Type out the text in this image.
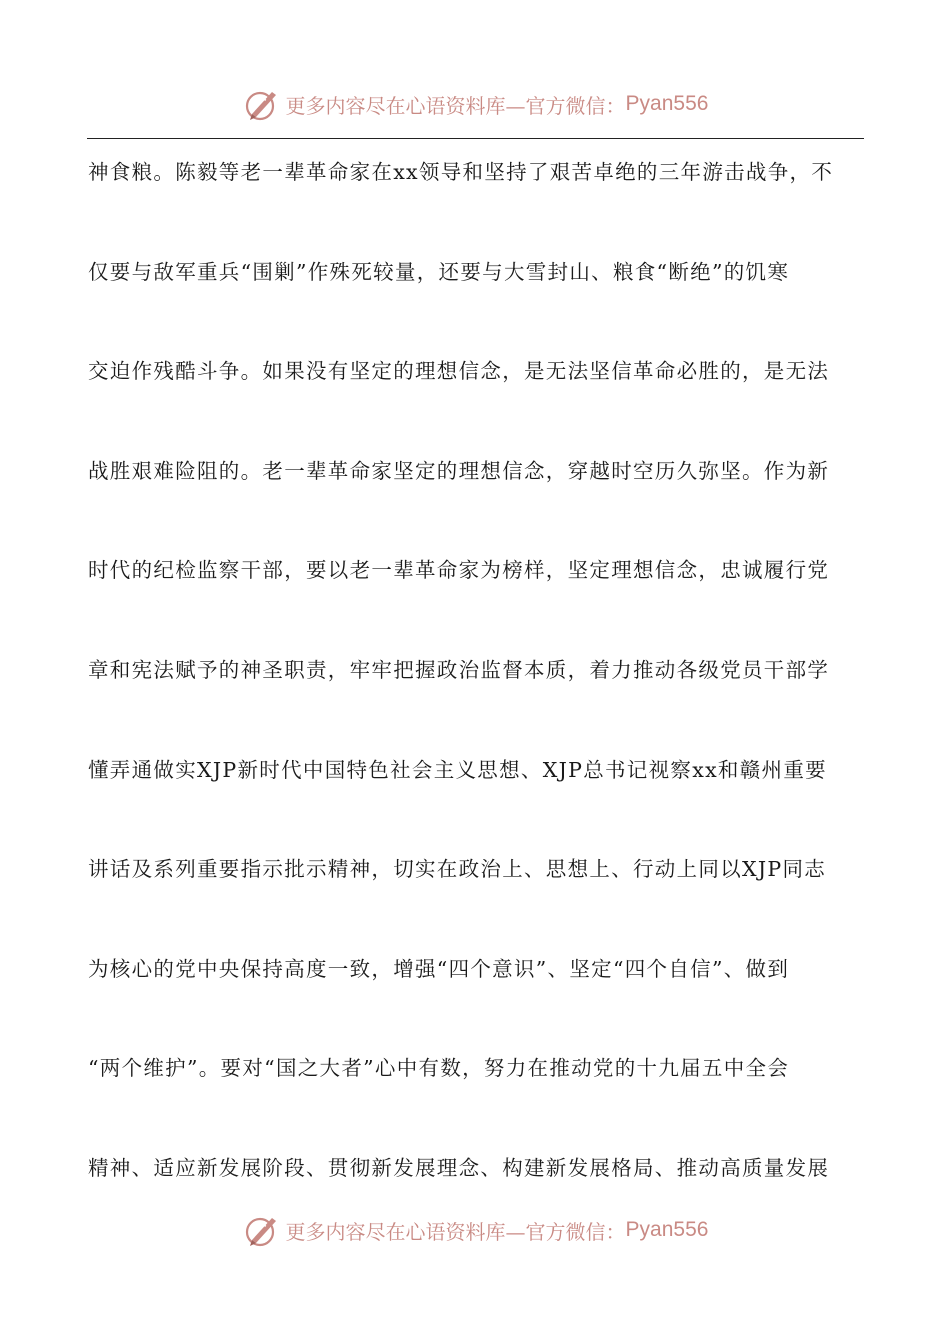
更多内容尽在心语资料库—官方微信： Pyan556
神食粮。陈毅等老一辈革命家在xx领导和坚持了艰苦卓绝的三年游击战争，不
仅要与敌军重兵“围剿”作殊死较量，还要与大雪封山、粮食“断绝”的饥寒
交迫作残酷斗争。如果没有坚定的理想信念，是无法坚信革命必胜的，是无法
战胜艰难险阻的。老一辈革命家坚定的理想信念，穿越时空历久弥坚。作为新
时代的纪检监察干部，要以老一辈革命家为榜样，坚定理想信念，忠诚履行党
章和宪法赋予的神圣职责，牢牢把握政治监督本质，着力推动各级党员干部学
懂弄通做实XJP新时代中国特色社会主义思想、XJP总书记视察xx和赣州重要
讲话及系列重要指示批示精神，切实在政治上、思想上、行动上同以XJP同志
为核心的党中央保持高度一致，增强“四个意识”、坚定“四个自信”、做到
“两个维护”。要对“国之大者”心中有数，努力在推动党的十九届五中全会
精神、适应新发展阶段、贯彻新发展理念、构建新发展格局、推动高质量发展
更多内容尽在心语资料库—官方微信： Pyan556
